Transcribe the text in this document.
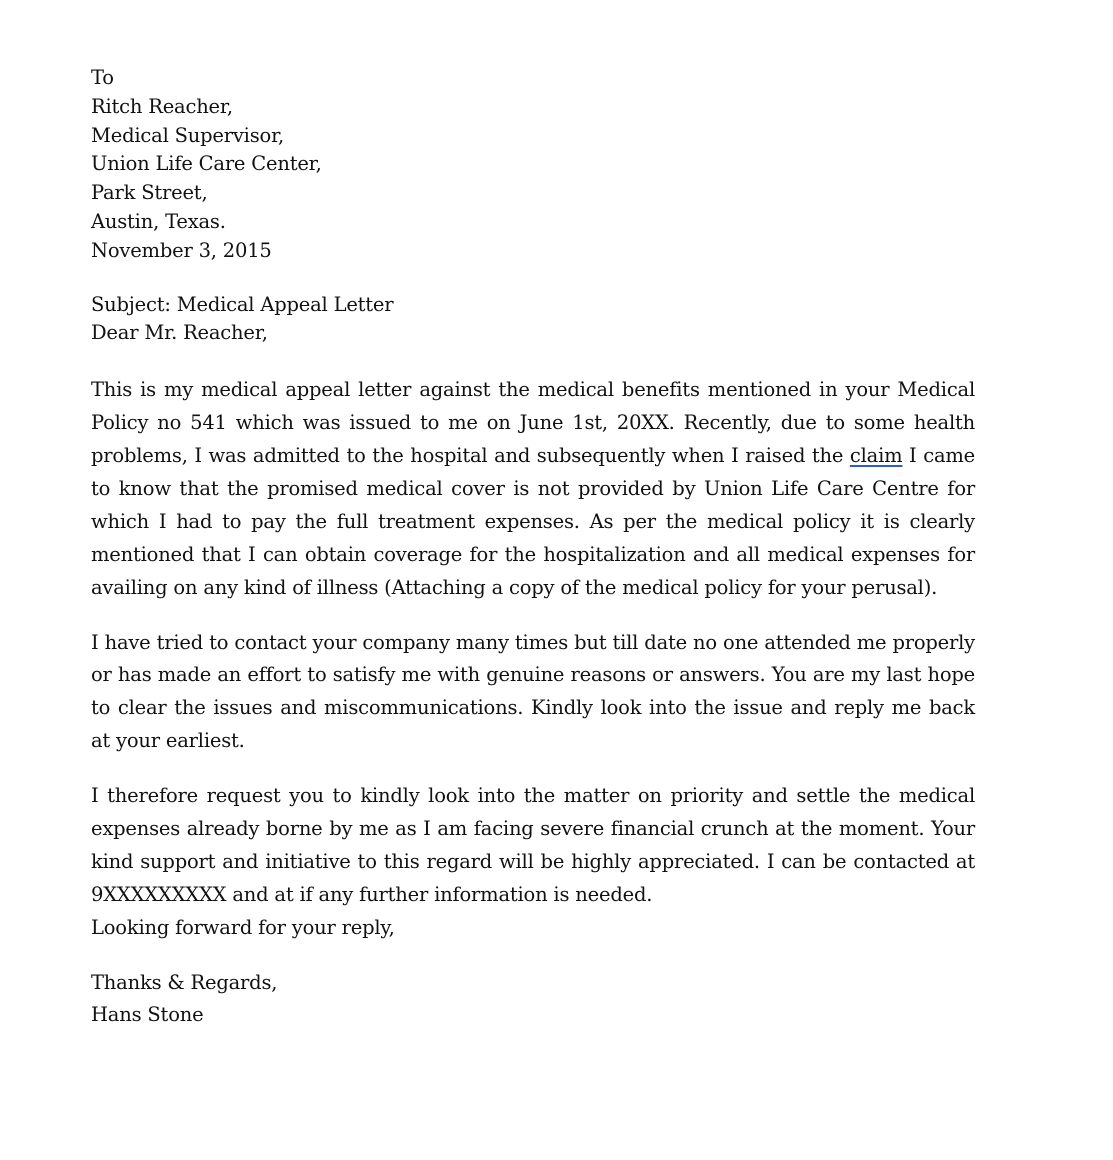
To
Ritch Reacher,
Medical Supervisor,
Union Life Care Center,
Park Street,
Austin, Texas.
November 3, 2015
Subject: Medical Appeal Letter
Dear Mr. Reacher,

This is my medical appeal letter against the medical benefits mentioned in your Medical Policy no 541 which was issued to me on June 1st, 20XX. Recently, due to some health problems, I was admitted to the hospital and subsequently when I raised the claim I came to know that the promised medical cover is not provided by Union Life Care Centre for which I had to pay the full treatment expenses. As per the medical policy it is clearly mentioned that I can obtain coverage for the hospitalization and all medical expenses for availing on any kind of illness (Attaching a copy of the medical policy for your perusal).

I have tried to contact your company many times but till date no one attended me properly or has made an effort to satisfy me with genuine reasons or answers. You are my last hope to clear the issues and miscommunications. Kindly look into the issue and reply me back at your earliest.

I therefore request you to kindly look into the matter on priority and settle the medical expenses already borne by me as I am facing severe financial crunch at the moment. Your kind support and initiative to this regard will be highly appreciated. I can be contacted at 9XXXXXXXXX and at if any further information is needed.

Looking forward for your reply,
Thanks & Regards,
Hans Stone
